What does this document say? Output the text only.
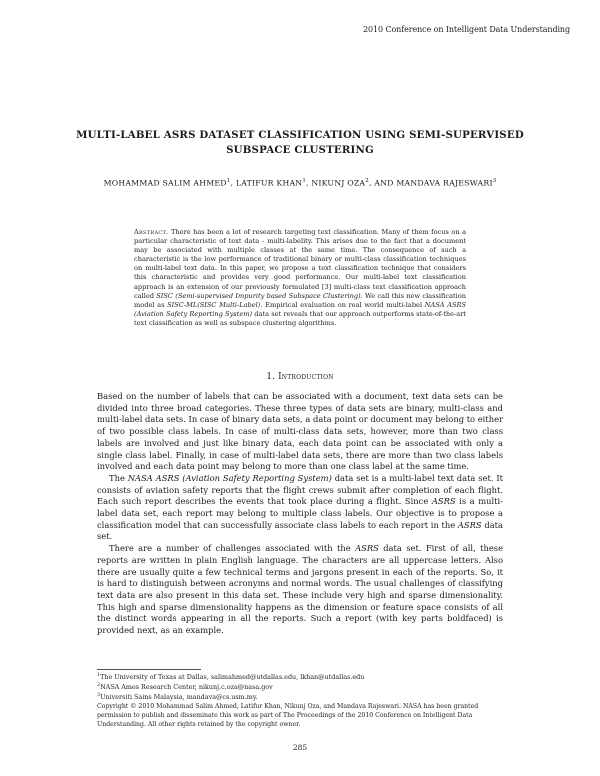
2010 Conference on Intelligent Data Understanding
MULTI-LABEL ASRS DATASET CLASSIFICATION USING SEMI-SUPERVISED
SUBSPACE CLUSTERING
MOHAMMAD SALIM AHMED$^1$, LATIFUR KHAN$^1$, NIKUNJ OZA$^2$, AND MANDAVA RAJESWARI$^3$
Abstract. There has been a lot of research targeting text classification. Many of them focus on a particular characteristic of text data - multi-labelity. This arises due to the fact that a document may be associated with multiple classes at the same time. The consequence of such a characteristic is the low performance of traditional binary or multi-class classification techniques on multi-label text data. In this paper, we propose a text classification technique that considers this characteristic and provides very good performance. Our multi-label text classification approach is an extension of our previously formulated [3] multi-class text classification approach called SISC (Semi-supervised Impurity based Subspace Clustering). We call this new classification model as SISC-ML(SISC Multi-Label). Empirical evaluation on real world multi-label NASA ASRS (Aviation Safety Reporting System) data set reveals that our approach outperforms state-of-the-art text classification as well as subspace clustering algorithms.
1. Introduction

Based on the number of labels that can be associated with a document, text data sets can be divided into three broad categories. These three types of data sets are binary, multi-class and multi-label data sets. In case of binary data sets, a data point or document may belong to either of two possible class labels. In case of multi-class data sets, however, more than two class labels are involved and just like binary data, each data point can be associated with only a single class label. Finally, in case of multi-label data sets, there are more than two class labels involved and each data point may belong to more than one class label at the same time.

The NASA ASRS (Aviation Safety Reporting System) data set is a multi-label text data set. It consists of aviation safety reports that the flight crews submit after completion of each flight. Each such report describes the events that took place during a flight. Since ASRS is a multi-label data set, each report may belong to multiple class labels. Our objective is to propose a classification model that can successfully associate class labels to each report in the ASRS data set.

There are a number of challenges associated with the ASRS data set. First of all, these reports are written in plain English language. The characters are all uppercase letters. Also there are usually quite a few technical terms and jargons present in each of the reports. So, it is hard to distinguish between acronyms and normal words. The usual challenges of classifying text data are also present in this data set. These include very high and sparse dimensionality. This high and sparse dimensionality happens as the dimension or feature space consists of all the distinct words appearing in all the reports. Such a report (with key parts boldfaced) is provided next, as an example.

$^1$The University of Texas at Dallas, salimahmed@utdallas.edu, lkhan@utdallas.edu
$^2$NASA Ames Research Center, nikunj.c.oza@nasa.gov
$^3$Universiti Sains Malaysia, mandava@cs.usm.my.
Copyright © 2010 Mohammad Salim Ahmed, Latifur Khan, Nikunj Oza, and Mandava Rajeswari. NASA has been granted permission to publish and disseminate this work as part of The Proceedings of the 2010 Conference on Intelligent Data Understanding. All other rights retained by the copyright owner.
285
